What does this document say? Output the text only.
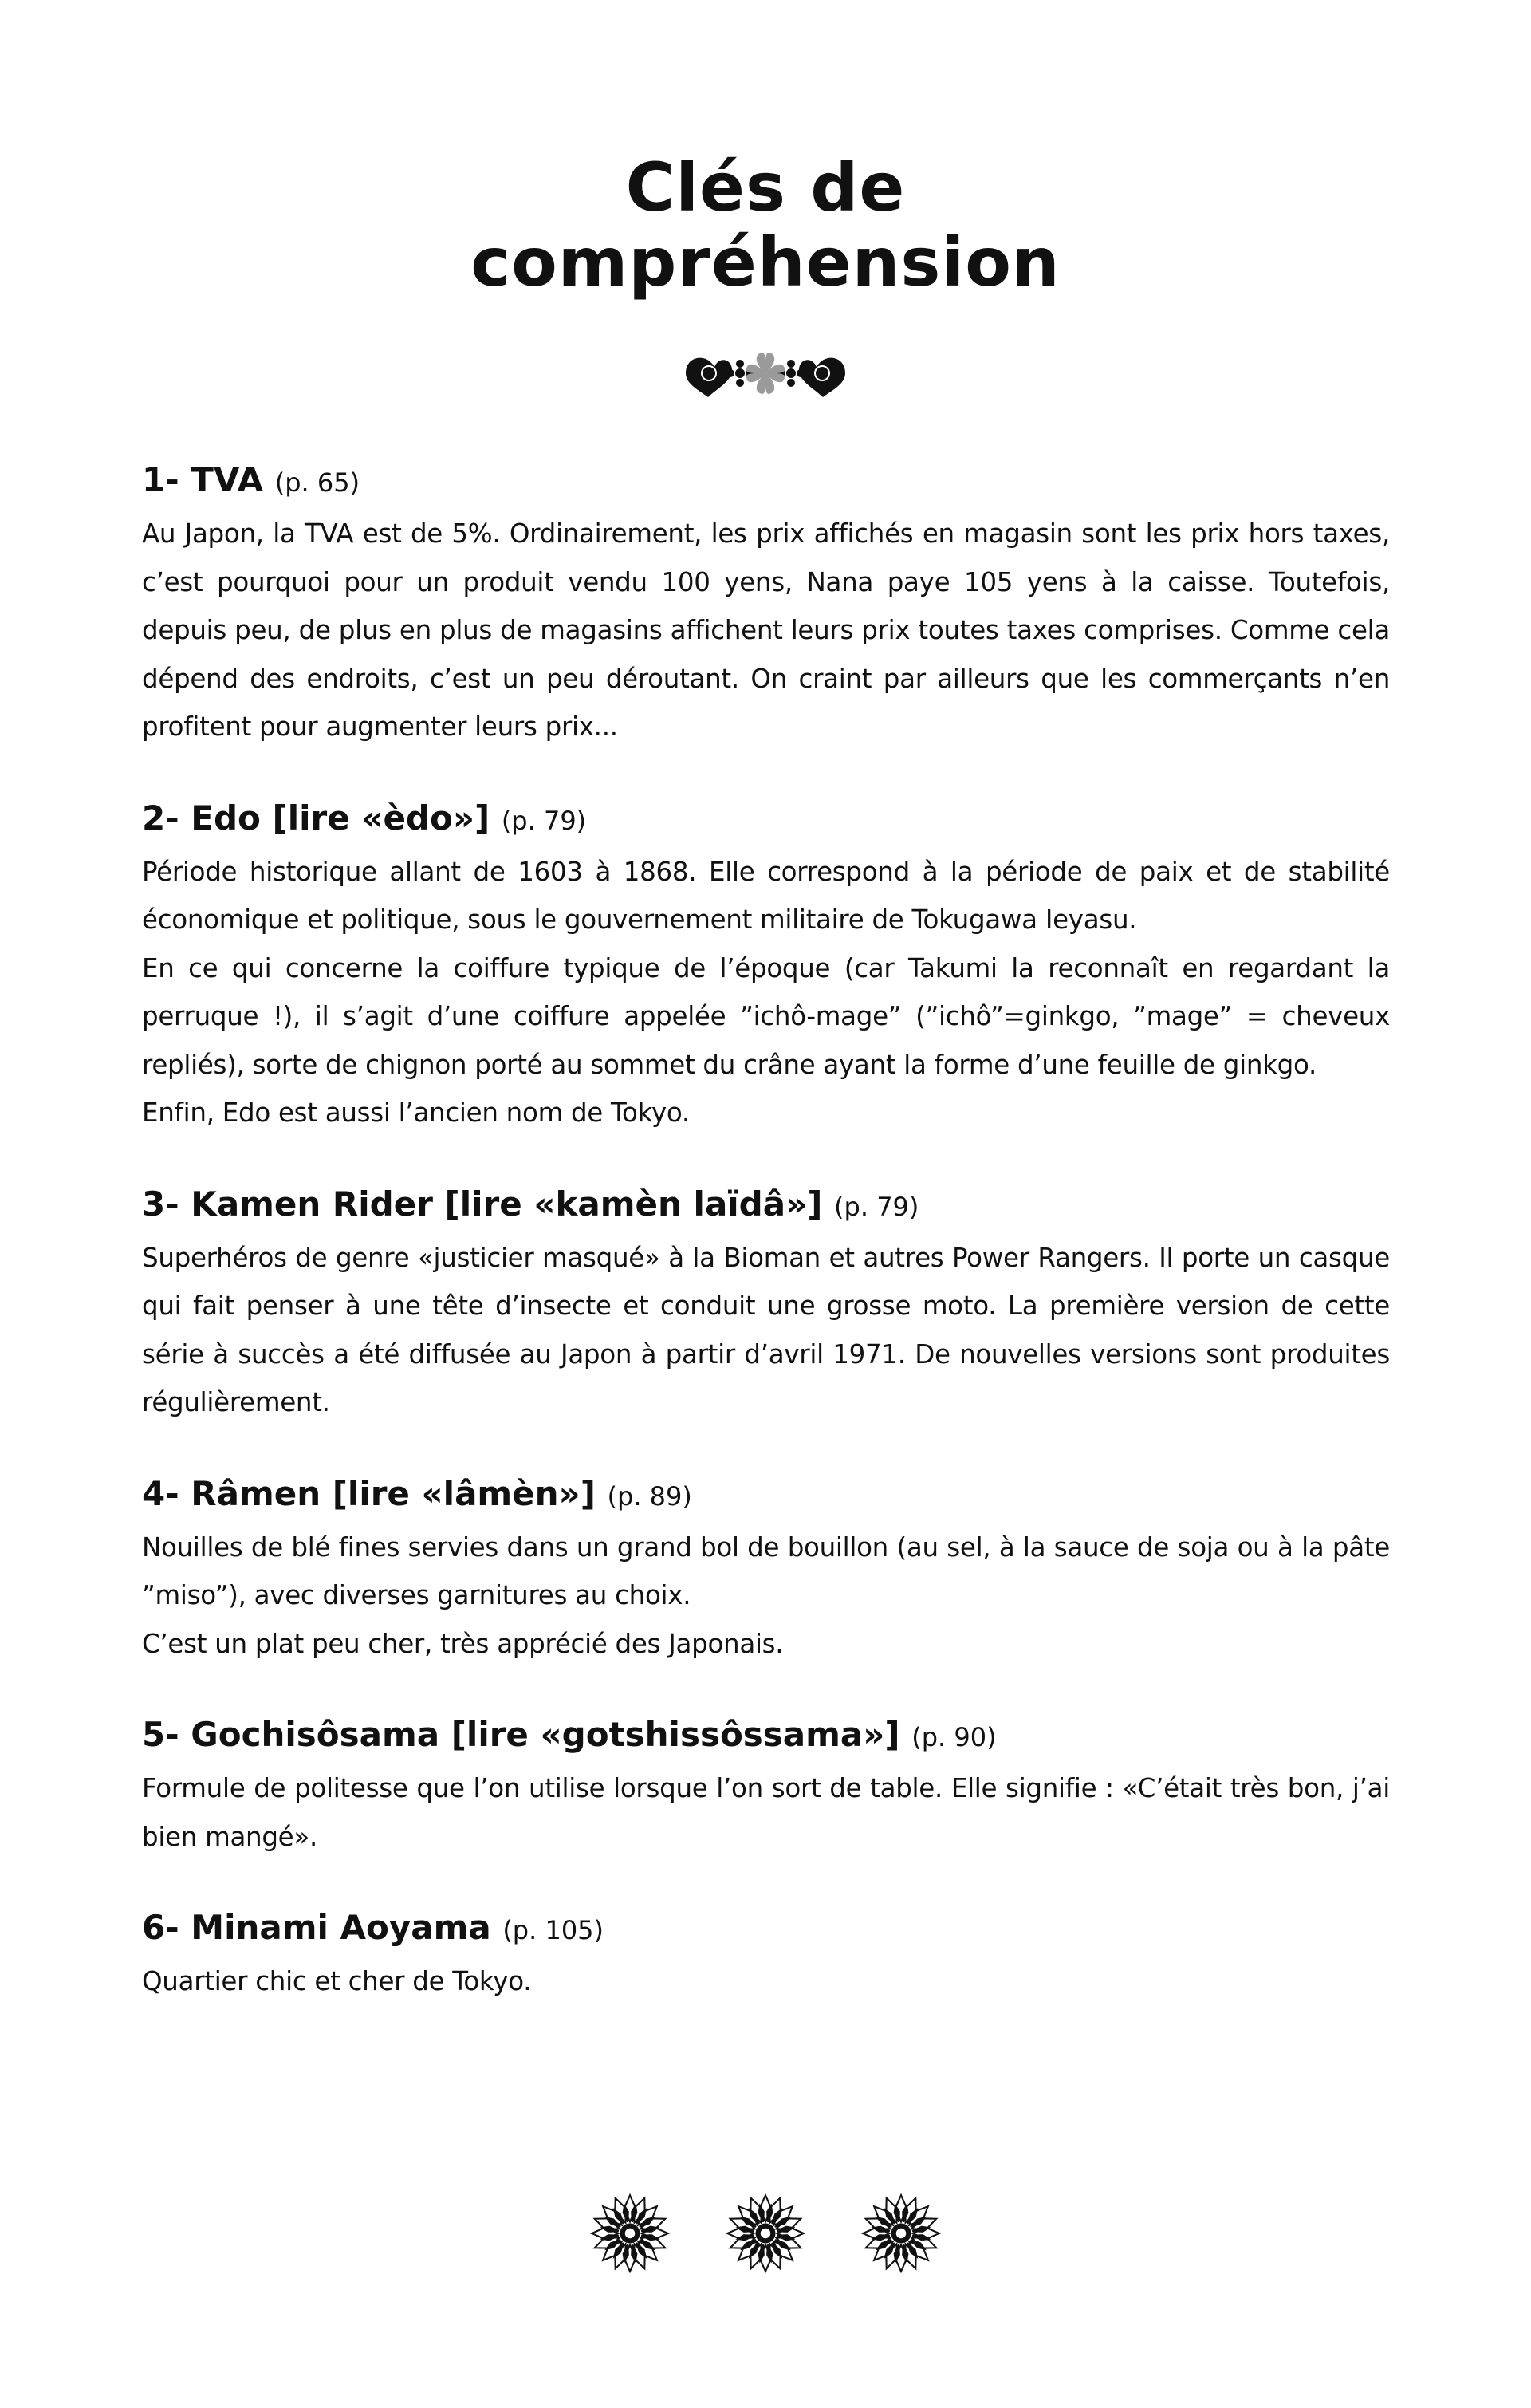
Clés de
compréhension
1- TVA (p. 65)

Au Japon, la TVA est de 5%. Ordinairement, les prix affichés en magasin sont les prix hors taxes, c’est pourquoi pour un produit vendu 100 yens, Nana paye 105 yens à la caisse. Toutefois, depuis peu, de plus en plus de magasins affichent leurs prix toutes taxes comprises. Comme cela dépend des endroits, c’est un peu déroutant. On craint par ailleurs que les commerçants n’en profitent pour augmenter leurs prix...

2- Edo [lire «èdo»] (p. 79)

Période historique allant de 1603 à 1868. Elle correspond à la période de paix et de stabilité économique et politique, sous le gouvernement militaire de Tokugawa Ieyasu.

En ce qui concerne la coiffure typique de l’époque (car Takumi la reconnaît en regardant la perruque !), il s’agit d’une coiffure appelée ”ichô-mage” (”ichô”=ginkgo, ”mage” = cheveux repliés), sorte de chignon porté au sommet du crâne ayant la forme d’une feuille de ginkgo.

Enfin, Edo est aussi l’ancien nom de Tokyo.

3- Kamen Rider [lire «kamèn laïdâ»] (p. 79)

Superhéros de genre «justicier masqué» à la Bioman et autres Power Rangers. Il porte un casque qui fait penser à une tête d’insecte et conduit une grosse moto. La première version de cette série à succès a été diffusée au Japon à partir d’avril 1971. De nouvelles versions sont produites régulièrement.

4- Râmen [lire «lâmèn»] (p. 89)

Nouilles de blé fines servies dans un grand bol de bouillon (au sel, à la sauce de soja ou à la pâte ”miso”), avec diverses garnitures au choix.

C’est un plat peu cher, très apprécié des Japonais.

5- Gochisôsama [lire «gotshissôssama»] (p. 90)

Formule de politesse que l’on utilise lorsque l’on sort de table. Elle signifie : «C’était très bon, j’ai bien mangé».

6- Minami Aoyama (p. 105)

Quartier chic et cher de Tokyo.
